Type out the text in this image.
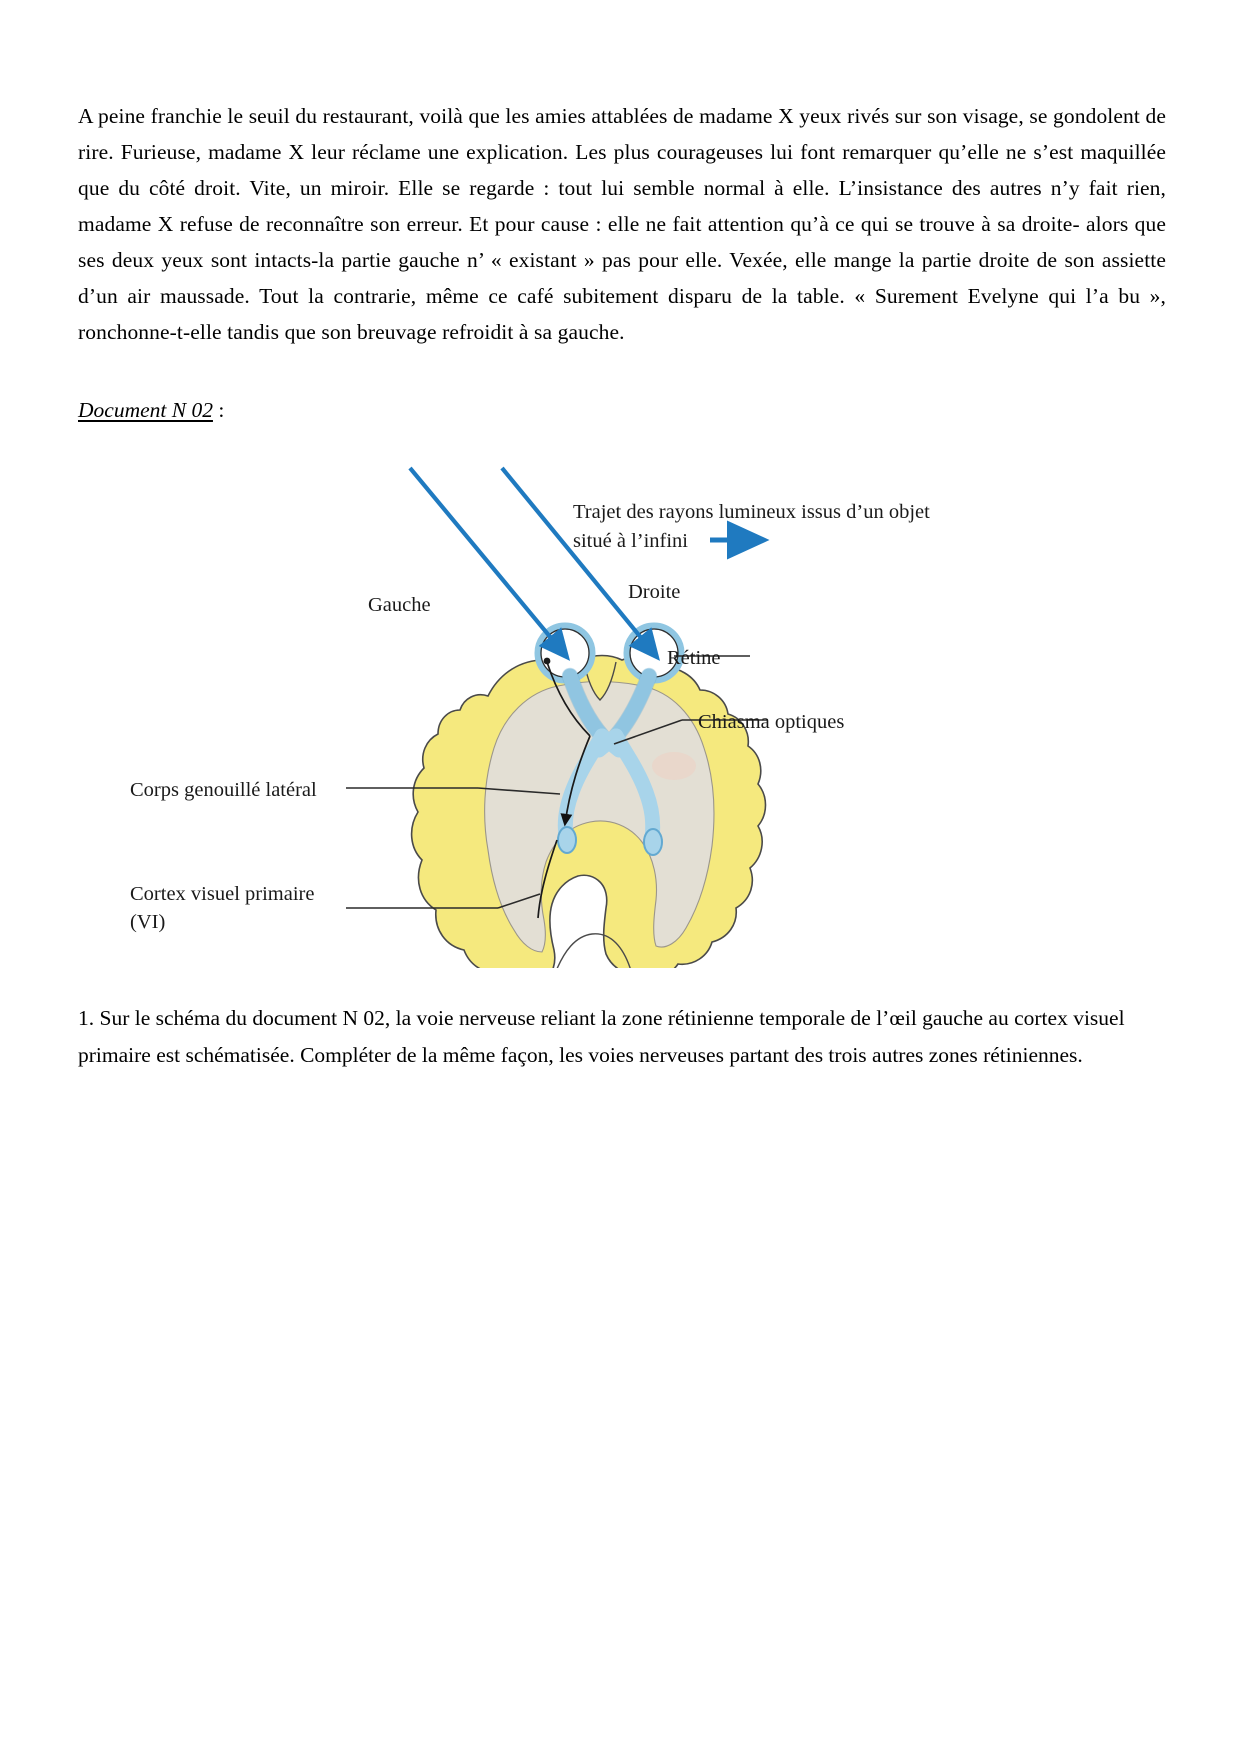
A peine franchie le seuil du restaurant, voilà que les amies attablées de madame X yeux rivés sur son visage, se gondolent de rire. Furieuse, madame X leur réclame une explication. Les plus courageuses lui font remarquer qu’elle ne s’est maquillée que du côté droit. Vite, un miroir. Elle se regarde : tout lui semble normal à elle. L’insistance des autres n’y fait rien, madame X refuse de reconnaître son erreur. Et pour cause : elle ne fait attention qu’à ce qui se trouve à sa droite- alors que ses deux yeux sont intacts-la partie gauche n’ « existant » pas pour elle. Vexée, elle mange la partie droite de son assiette d’un air maussade. Tout la contrarie, même ce café subitement disparu de la table. « Surement Evelyne qui l’a bu », ronchonne-t-elle tandis que son breuvage refroidit à sa gauche.

Document N 02 :

Trajet des rayons lumineux issus d’un objet
situé à l’infini
Gauche
Droite
Rétine
Chiasma optiques
Corps genouillé latéral
Cortex visuel primaire
(VI)

1. Sur le schéma du document N 02, la voie nerveuse reliant la zone rétinienne temporale de l’œil gauche au cortex visuel primaire est schématisée. Compléter de la même façon, les voies nerveuses partant des trois autres zones rétiniennes.
